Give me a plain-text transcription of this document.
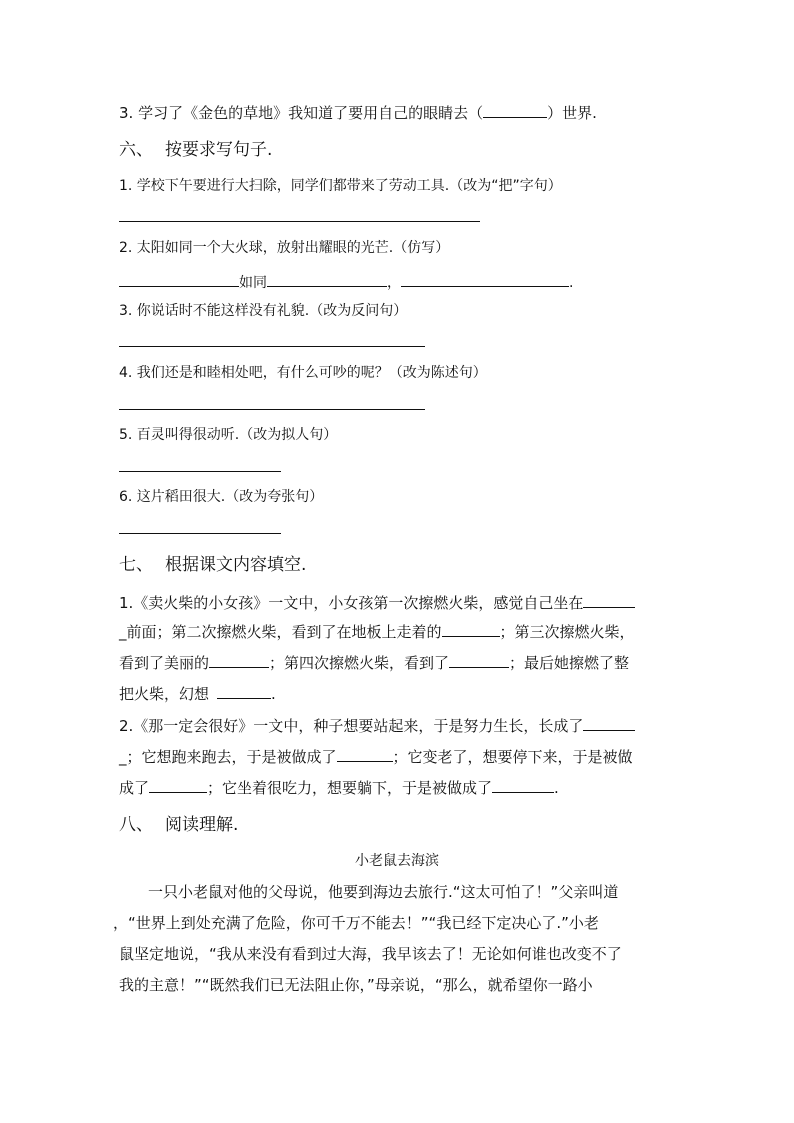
3. 学习了《金色的草地》我知道了要用自己的眼睛去（	）世界.
六、 按要求写句子.
1. 学校下午要进行大扫除，同学们都带来了劳动工具.（改为“把”字句）
2. 太阳如同一个大火球，放射出耀眼的光芒.（仿写）
如同	，	.
3. 你说话时不能这样没有礼貌.（改为反问句）
4. 我们还是和睦相处吧，有什么可吵的呢？（改为陈述句）
5. 百灵叫得很动听.（改为拟人句）
6. 这片稻田很大.（改为夸张句）
七、 根据课文内容填空.
1.《卖火柴的小女孩》一文中，小女孩第一次擦燃火柴，感觉自己坐在
_前面；第二次擦燃火柴，看到了在地板上走着的	；第三次擦燃火柴，
看到了美丽的	；第四次擦燃火柴，看到了	；最后她擦燃了整
把火柴，幻想	.
2.《那一定会很好》一文中，种子想要站起来，于是努力生长，长成了
_；它想跑来跑去，于是被做成了	；它变老了，想要停下来，于是被做
成了	；它坐着很吃力，想要躺下，于是被做成了	.
八、 阅读理解.
小老鼠去海滨
一只小老鼠对他的父母说，他要到海边去旅行.“这太可怕了！”父亲叫道
，“世界上到处充满了危险，你可千万不能去！”“我已经下定决心了.”小老
鼠坚定地说，“我从来没有看到过大海，我早该去了！无论如何谁也改变不了
我的主意！”“既然我们已无法阻止你，”母亲说，“那么，就希望你一路小
